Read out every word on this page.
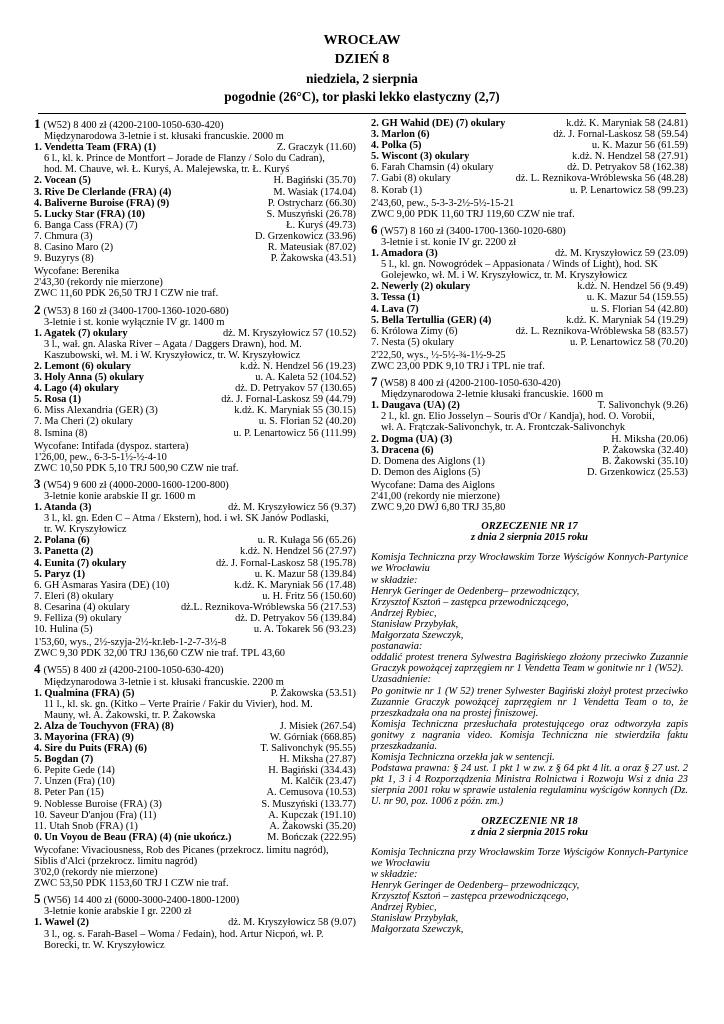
WROCŁAW
DZIEŃ 8
niedziela, 2 sierpnia
pogodnie (26°C), tor płaski lekko elastyczny (2,7)
1 (W52) 8 400 zł (4200-2100-1050-630-420)
Międzynarodowa 3-letnie i st. kłusaki francuskie. 2000 m
1. Vendetta Team (FRA) (1)	Z. Graczyk (11.60)
6 l., kl. k. Prince de Montfort – Jorade de Flanzy / Solo du Cadran),
hod. M. Chauve, wł. Ł. Kuryś, A. Malejewska, tr. Ł. Kuryś
2. Vocean (5)	H. Bagiński (35.70)
3. Rive De Clerlande (FRA) (4)	M. Wasiak (174.04)
4. Baliverne Buroise (FRA) (9)	P. Ostrycharz (66.30)
5. Lucky Star (FRA) (10)	S. Muszyński (26.78)
6. Banga Cass (FRA) (7)	Ł. Kuryś (49.73)
7. Chmura (3)	D. Grzenkowicz (33.96)
8. Casino Maro (2)	R. Mateusiak (87.02)
9. Buzyrys (8)	P. Żakowska (43.51)
Wycofane: Berenika
2'43,30 (rekordy nie mierzone)
ZWC 11,60 PDK 26,50 TRJ I CZW nie traf.
2 (W53) 8 160 zł (3400-1700-1360-1020-680)
3-letnie i st. konie wyłącznie IV gr. 1400 m
1. Agatek (7) okulary	dż. M. Kryszyłowicz 57 (10.52)
3 l., wał. gn. Alaska River – Agata / Daggers Drawn), hod. M.
Kaszubowski, wł. M. i W. Kryszyłowicz, tr. W. Kryszyłowicz
2. Lemont (6) okulary	k.dż. N. Hendzel 56 (19.23)
3. Holy Anna (5) okulary	u. A. Kaleta 52 (104.52)
4. Lago (4) okulary	dż. D. Petryakov 57 (130.65)
5. Rosa (1)	dż. J. Fornal-Laskosz 59 (44.79)
6. Miss Alexandria (GER) (3)	k.dż. K. Maryniak 55 (30.15)
7. Ma Cheri (2) okulary	u. S. Florian 52 (40.20)
8. Ismina (8)	u. P. Lenartowicz 56 (111.99)
Wycofane: Intifada (dyspoz. startera)
1'26,00, pew., 6-3-5-1½-½-4-10
ZWC 10,50 PDK 5,10 TRJ 500,90 CZW nie traf.
3 (W54) 9 600 zł (4000-2000-1600-1200-800)
3-letnie konie arabskie II gr. 1600 m
1. Atanda (3)	dż. M. Kryszyłowicz 56 (9.37)
3 l., kl. gn. Eden C – Atma / Ekstern), hod. i wł. SK Janów Podlaski,
tr. W. Kryszyłowicz
2. Polana (6)	u. R. Kułaga 56 (65.26)
3. Panetta (2)	k.dż. N. Hendzel 56 (27.97)
4. Eunita (7) okulary	dż. J. Fornal-Laskosz 58 (195.78)
5. Paryz (1)	u. K. Mazur 58 (139.84)
6. GH Asmaras Yasira (DE) (10)	k.dż. K. Maryniak 56 (17.48)
7. Eleri (8) okulary	u. H. Fritz 56 (150.60)
8. Cesarina (4) okulary	dż.L. Reznikova-Wróblewska 56 (217.53)
9. Felliza (9) okulary	dż. D. Petryakov 56 (139.84)
10. Hulina (5)	u. A. Tokarek 56 (93.23)
1'53,60, wys., 2½-szyja-2½-kr.łeb-1-2-7-3½-8
ZWC 9,30 PDK 32,00 TRJ 136,60 CZW nie traf. TPL 43,60
4 (W55) 8 400 zł (4200-2100-1050-630-420)
Międzynarodowa 3-letnie i st. kłusaki francuskie. 2200 m
1. Qualmina (FRA) (5)	P. Żakowska (53.51)
11 l., kl. sk. gn. (Kitko – Verte Prairie / Fakir du Vivier), hod. M.
Mauny, wł. A. Żakowski, tr. P. Żakowska
2. Alza de Touchyvon (FRA) (8)	J. Misiek (267.54)
3. Mayorina (FRA) (9)	W. Górniak (668.85)
4. Sire du Puits (FRA) (6)	T. Salivonchyk (95.55)
5. Bogdan (7)	H. Miksha (27.87)
6. Pepite Gede (14)	H. Bagiński (334.43)
7. Unzen (Fra) (10)	M. Kalčík (23.47)
8. Peter Pan (15)	A. Cemusova (10.53)
9. Noblesse Buroise (FRA) (3)	S. Muszyński (133.77)
10. Saveur D'anjou (Fra) (11)	A. Kupczak (191.10)
11. Utah Snob (FRA) (1)	A. Żakowski (35.20)
0. Un Voyou de Beau (FRA) (4) (nie ukończ.)	M. Bończak (222.95)
Wycofane: Vivaciousness, Rob des Picanes (przekrocz. limitu nagród),
Siblis d'Alci (przekrocz. limitu nagród)
3'02,0 (rekordy nie mierzone)
ZWC 53,50 PDK 1153,60 TRJ I CZW nie traf.
5 (W56) 14 400 zł (6000-3000-2400-1800-1200)
3-letnie konie arabskie I gr. 2200 zł
1. Wawel (2)	dż. M. Kryszyłowicz 58 (9.07)
3 l., og. s. Farah-Basel – Woma / Fedain), hod. Artur Nicpoń, wł. P.
Borecki, tr. W. Kryszyłowicz
2. GH Wahid (DE) (7) okulary	k.dż. K. Maryniak 58 (24.81)
3. Marlon (6)	dż. J. Fornal-Laskosz 58 (59.54)
4. Polka (5)	u. K. Mazur 56 (61.59)
5. Wiscont (3) okulary	k.dż. N. Hendzel 58 (27.91)
6. Farah Chamsin (4) okulary	dż. D. Petryakov 58 (162.38)
7. Gabi (8) okulary	dż. L. Reznikova-Wróblewska 56 (48.28)
8. Korab (1)	u. P. Lenartowicz 58 (99.23)
2'43,60, pew., 5-3-3-2½-5½-15-21
ZWC 9,00 PDK 11,60 TRJ 119,60 CZW nie traf.
6 (W57) 8 160 zł (3400-1700-1360-1020-680)
3-letnie i st. konie IV gr. 2200 zł
1. Amadora (3)	dż. M. Kryszyłowicz 59 (23.09)
5 l., kl. gn. Nowogródek – Appasionata / Winds of Light), hod. SK
Golejewko, wł. M. i W. Kryszyłowicz, tr. M. Kryszyłowicz
2. Newerly (2) okulary	k.dż. N. Hendzel 56 (9.49)
3. Tessa (1)	u. K. Mazur 54 (159.55)
4. Lava (7)	u. S. Florian 54 (42.80)
5. Bella Tertullia (GER) (4)	k.dż. K. Maryniak 54 (19.29)
6. Królowa Zimy (6)	dż. L. Reznikova-Wróblewska 58 (83.57)
7. Nesta (5) okulary	u. P. Lenartowicz 58 (70.20)
2'22,50, wys., ½-5½-¾-1½-9-25
ZWC 23,00 PDK 9,10 TRJ i TPL nie traf.
7 (W58) 8 400 zł (4200-2100-1050-630-420)
Międzynarodowa 2-letnie kłusaki francuskie. 1600 m
1. Daugava (UA) (2)	T. Salivonchyk (9.26)
2 l., kl. gn. Elio Josselyn – Souris d'Or / Kandja), hod. O. Vorobii,
wł. A. Frątczak-Salivonchyk, tr. A. Frontczak-Salivonchyk
2. Dogma (UA) (3)	H. Miksha (20.06)
3. Dracena (6)	P. Żakowska (32.40)
D. Domena des Aiglons (1)	B. Żakowski (35.10)
D. Demon des Aiglons (5)	D. Grzenkowicz (25.53)
Wycofane: Dama des Aiglons
2'41,00 (rekordy nie mierzone)
ZWC 9,20 DWJ 6,80 TRJ 35,80
ORZECZENIE NR 17
z dnia 2 sierpnia 2015 roku

Komisja Techniczna przy Wrocławskim Torze Wyścigów Konnych-Partynice we Wrocławiu

w składzie:

Henryk Geringer de Oedenberg– przewodniczący,

Krzysztof Ksztoń – zastępca przewodniczącego,

Andrzej Rybiec,

Stanisław Przybyłak,

Małgorzata Szewczyk,

postanawia:

oddalić protest trenera Sylwestra Bagińskiego złożony przeciwko Zuzannie Graczyk powożącej zaprzęgiem nr 1 Vendetta Team w gonitwie nr 1 (W52).

Uzasadnienie:

Po gonitwie nr 1 (W 52) trener Sylwester Bagiński złożył protest przeciwko Zuzannie Graczyk powożącej zaprzęgiem nr 1 Vendetta Team o to, że przeszkadzała ona na prostej finiszowej.

Komisja Techniczna przesłuchała protestującego oraz odtworzyła zapis gonitwy z nagrania video. Komisja Techniczna nie stwierdziła faktu przeszkadzania.

Komisja Techniczna orzekła jak w sentencji.

Podstawa prawna: § 24 ust. 1 pkt 1 w zw. z § 64 pkt 4 lit. a oraz § 27 ust. 2 pkt 1, 3 i 4 Rozporządzenia Ministra Rolnictwa i Rozwoju Wsi z dnia 23 sierpnia 2001 roku w sprawie ustalenia regulaminu wyścigów konnych (Dz. U. nr 90, poz. 1006 z późn. zm.)

ORZECZENIE NR 18
z dnia 2 sierpnia 2015 roku

Komisja Techniczna przy Wrocławskim Torze Wyścigów Konnych-Partynice we Wrocławiu

w składzie:

Henryk Geringer de Oedenberg– przewodniczący,

Krzysztof Ksztoń – zastępca przewodniczącego,

Andrzej Rybiec,

Stanisław Przybyłak,

Małgorzata Szewczyk,
